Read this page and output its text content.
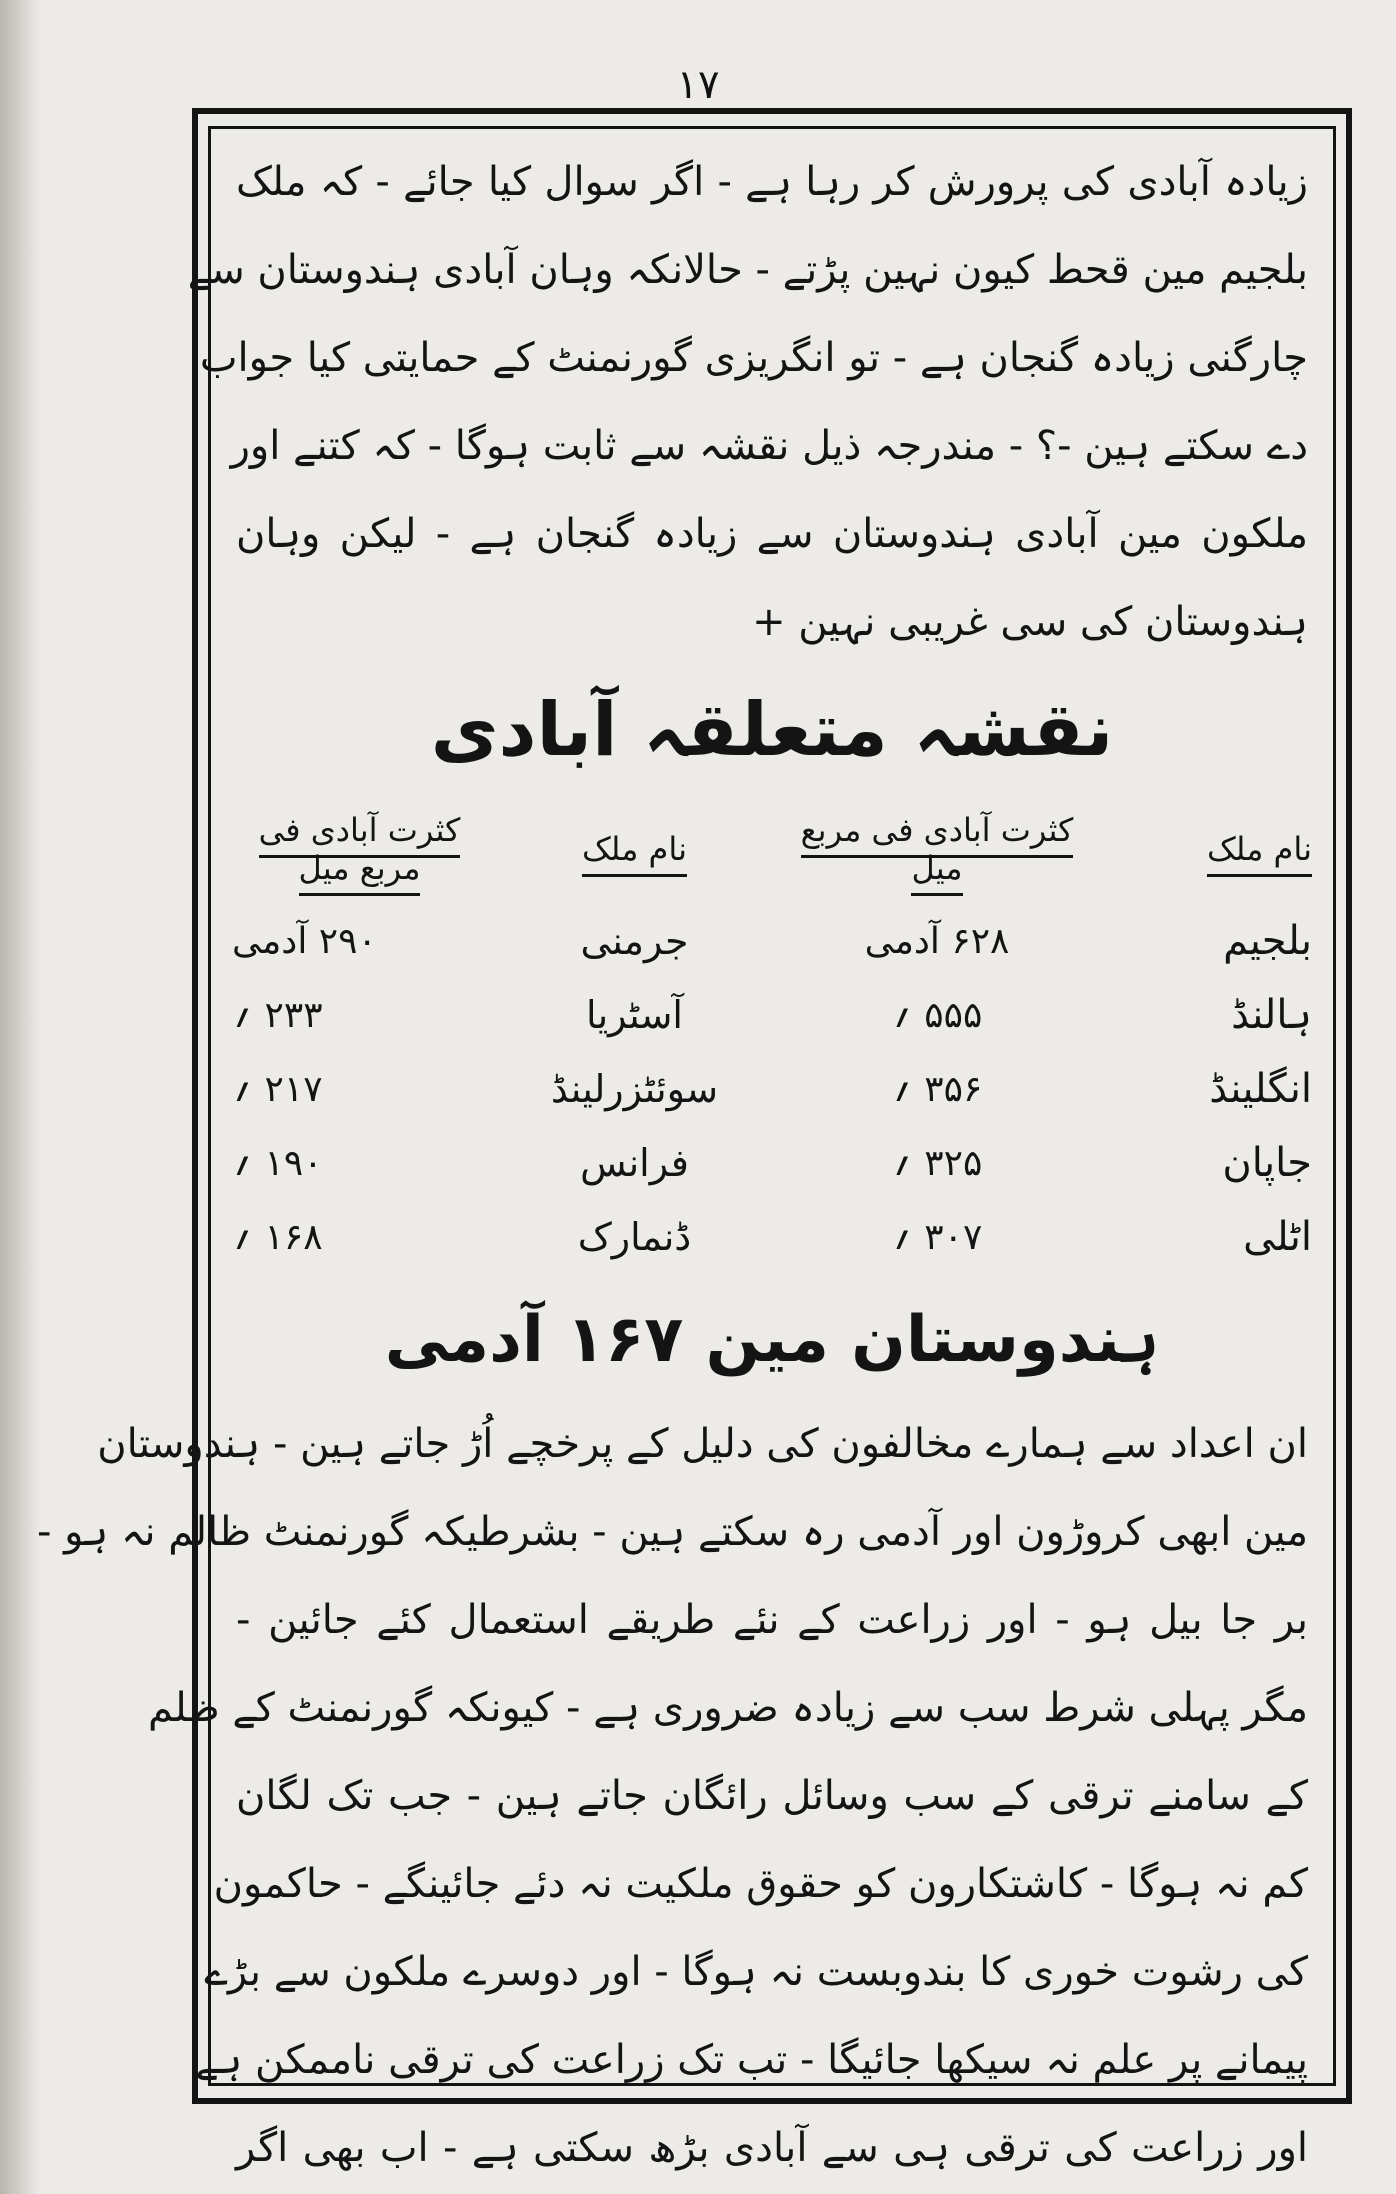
۱۷
زیادہ آبادی کی پرورش کر رہا ہے - اگر سوال کیا جائے - کہ ملک
بلجیم مین قحط کیون نہین پڑتے - حالانکہ وہان آبادی ہندوستان سے
چارگنی زیادہ گنجان ہے - تو انگریزی گورنمنٹ کے حمایتی کیا جواب
دے سکتے ہین -؟ - مندرجہ ذیل نقشہ سے ثابت ہوگا - کہ کتنے اور
ملکون مین آبادی ہندوستان سے زیادہ گنجان ہے - لیکن وہان
ہندوستان کی سی غریبی نہین +
نقشہ متعلقہ آبادی
نام ملک	کثرت آبادی فی مربع میل	نام ملک	کثرت آبادی فی مربع میل
بلجیم	۶۲۸ آدمی	جرمنی	۲۹۰ آدمی
ہالنڈ	۵۵۵ ؍	آسٹریا	۲۳۳ ؍
انگلینڈ	۳۵۶ ؍	سوئٹزرلینڈ	۲۱۷ ؍
جاپان	۳۲۵ ؍	فرانس	۱۹۰ ؍
اٹلی	۳۰۷ ؍	ڈنمارک	۱۶۸ ؍
ہندوستان مین ۱۶۷ آدمی
ان اعداد سے ہمارے مخالفون کی دلیل کے پرخچے اُڑ جاتے ہین - ہندوستان
مین ابھی کروڑون اور آدمی رہ سکتے ہین - بشرطیکہ گورنمنٹ ظالم نہ ہو -
بر جا بیل ہو - اور زراعت کے نئے طریقے استعمال کئے جائین -
مگر پہلی شرط سب سے زیادہ ضروری ہے - کیونکہ گورنمنٹ کے ظلم
کے سامنے ترقی کے سب وسائل رائگان جاتے ہین - جب تک لگان
کم نہ ہوگا - کاشتکارون کو حقوق ملکیت نہ دئے جائینگے - حاکمون
کی رشوت خوری کا بندوبست نہ ہوگا - اور دوسرے ملکون سے بڑے
پیمانے پر علم نہ سیکھا جائیگا - تب تک زراعت کی ترقی ناممکن ہے
اور زراعت کی ترقی ہی سے آبادی بڑھ سکتی ہے - اب بھی اگر
